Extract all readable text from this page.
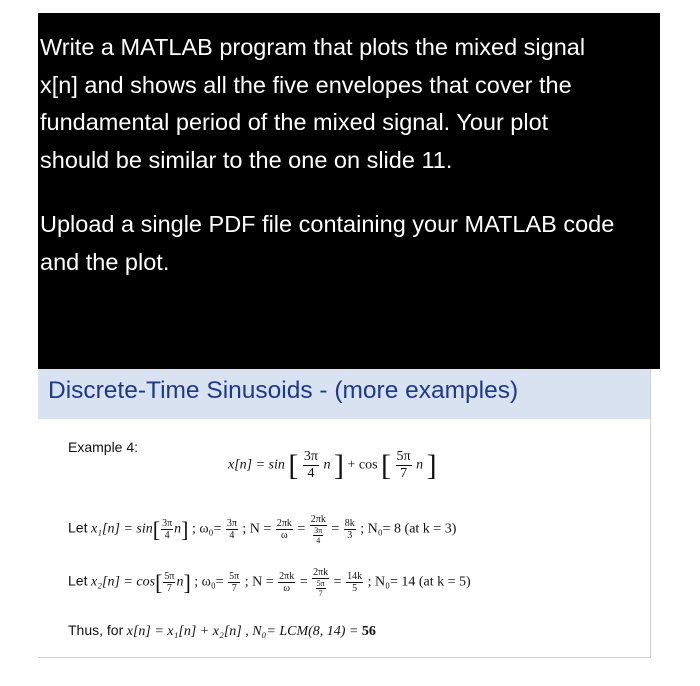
Write a MATLAB program that plots the mixed signal
x[n] and shows all the five envelopes that cover the
fundamental period of the mixed signal. Your plot
should be similar to the one on slide 11.

Upload a single PDF file containing your MATLAB code
and the plot.

Discrete-Time Sinusoids - (more examples)
Example 4:
x[n] = sin [ $\frac{3\pi}{4}$ n ] + cos [ $\frac{5\pi}{7}$ n ]
Let $x_1[n] = \sin[ \frac{3\pi}{4} n]$ ; $\omega_0= \frac{3\pi}{4}$ ; $N = \frac{2\pi k}{\omega} = \frac{2\pi k}{\frac{3\pi}{4}} = \frac{8k}{3}$ ; N₀= 8 (at k = 3)
Let $x_2[n] = \cos[ \frac{5\pi}{7} n]$ ; $\omega_0= \frac{5\pi}{7}$ ; $N = \frac{2\pi k}{\omega} = \frac{2\pi k}{\frac{5\pi}{7}} = \frac{14k}{5}$ ; N₀= 14 (at k = 5)
Thus, for x[n] = x₁[n] + x₂[n] , N₀= LCM(8, 14) = 56
